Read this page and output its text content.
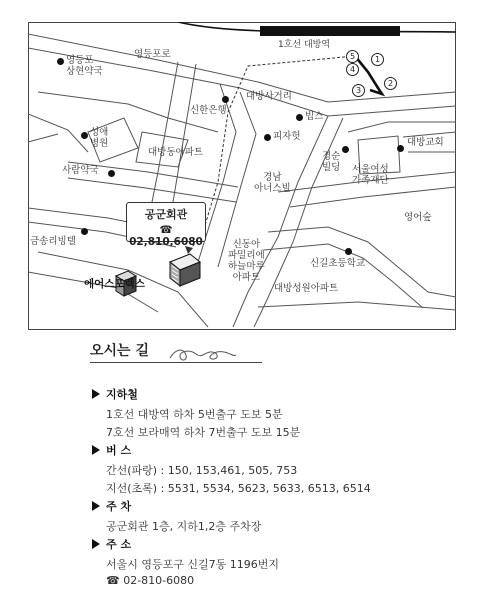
1
2
3
4
5
1호선 대방역
영등포로
대방사거리
영어숲
대방성원아파트
영등포
상현약국
신한은행
빕스
피자헛
성애
병원
대방동아파트
대방교회
사람약국
경남
아너스빌
경순
빌딩 서울여성
가족재단
금송리빙텔	신동아
파밀리에
하늘마루
아파트
신길초등학교
에어스포렉스
공군회관
☎ 02,810,6080
오시는 길
지하철
1호선 대방역 하차 5번출구 도보 5분
7호선 보라매역 하차 7번출구 도보 15분
버 스
간선(파랑) : 150, 153,461, 505, 753
지선(초록) : 5531, 5534, 5623, 5633, 6513, 6514
주 차
공군회관 1층, 지하1,2층 주차장
주 소
서울시 영등포구 신길7동 1196번지
☎ 02-810-6080
